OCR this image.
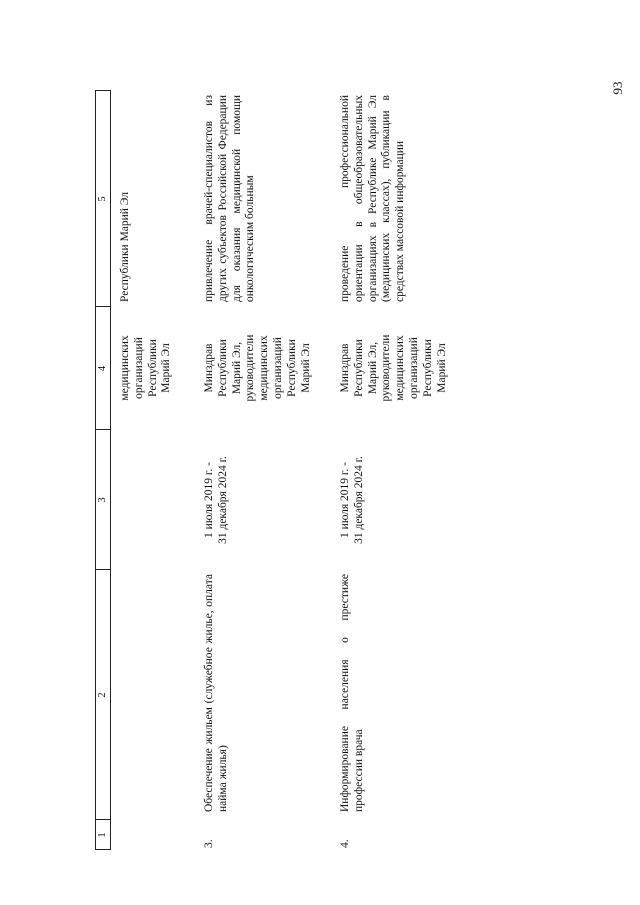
93
1
2
3
4
5
медицинских
организаций
Республики
Марий Эл
Республики Марий Эл
3.
Обеспечение жильем (служебное жилье, оплата найма жилья)
1 июля 2019 г. -
31 декабря 2024 г.
Минздрав
Республики
Марий Эл,
руководители
медицинских
организаций
Республики
Марий Эл
привлечение врачей-специалистов из других субъектов Российской Федерации для оказания медицинской помощи онкологическим больным
4.
Информирование населения о престиже профессии врача
1 июля 2019 г. -
31 декабря 2024 г.
Минздрав
Республики
Марий Эл,
руководители
медицинских
организаций
Республики
Марий Эл
проведение профессиональной ориентации в общеобразовательных организациях в Республике Марий Эл (медицинских классах), публикации в средствах массовой информации
